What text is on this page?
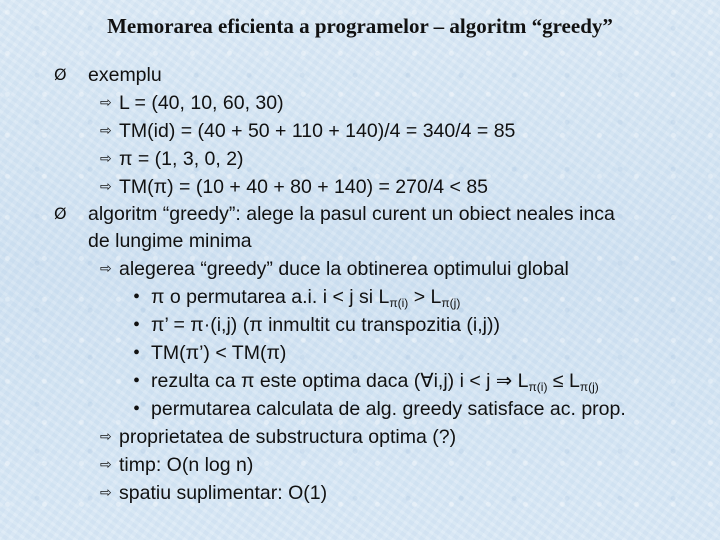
Memorarea eficienta a programelor – algoritm “greedy”
Ø exemplu
⇨ L = (40, 10, 60, 30)
⇨ TM(id) = (40 + 50 + 110 + 140)/4 = 340/4 = 85
⇨ π = (1, 3, 0, 2)
⇨ TM(π) = (10 + 40 + 80 + 140) = 270/4 < 85
Ø algoritm “greedy”: alege la pasul curent un obiect neales inca
de lungime minima
⇨ alegerea “greedy” duce la obtinerea optimului global
• π o permutarea a.i. i < j si $L_{\pi(i)} > L_{\pi(j)}$
• π’ = π·(i,j) (π inmultit cu transpozitia (i,j))
• TM(π’) < TM(π)
• rezulta ca π este optima daca (∀i,j) i < j ⇒ $L_{\pi(i)} \le L_{\pi(j)}$
• permutarea calculata de alg. greedy satisface ac. prop.
⇨ proprietatea de substructura optima (?)
⇨ timp: O(n log n)
⇨ spatiu suplimentar: O(1)
